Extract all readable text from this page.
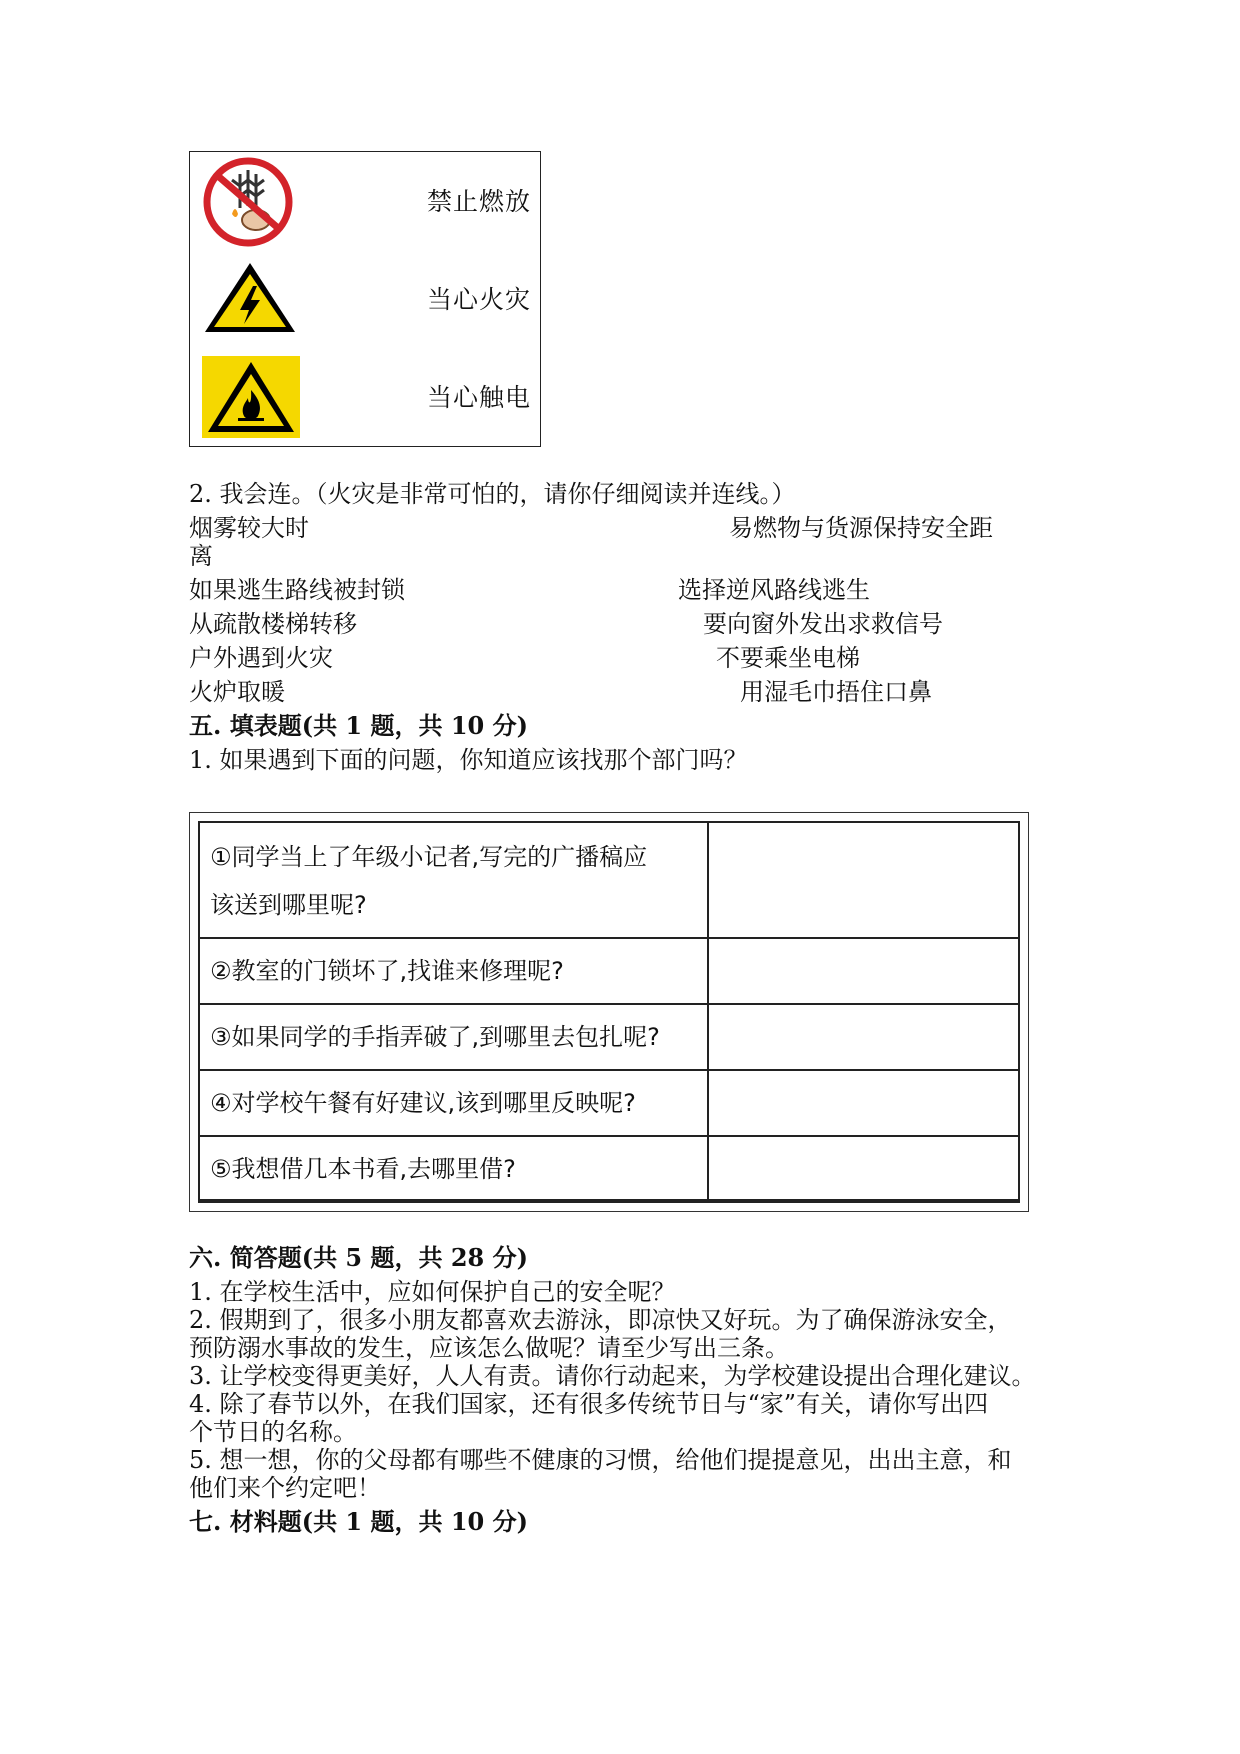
禁止燃放
当心火灾
当心触电
2. 我会连。（火灾是非常可怕的，请你仔细阅读并连线。）
烟雾较大时	易燃物与货源保持安全距
离
如果逃生路线被封锁	选择逆风路线逃生
从疏散楼梯转移	要向窗外发出求救信号
户外遇到火灾	不要乘坐电梯
火炉取暖	用湿毛巾捂住口鼻
五. 填表题(共 1 题，共 10 分)
1. 如果遇到下面的问题，你知道应该找那个部门吗？
①同学当上了年级小记者,写完的广播稿应
该送到哪里呢?
②教室的门锁坏了,找谁来修理呢?
③如果同学的手指弄破了,到哪里去包扎呢?
④对学校午餐有好建议,该到哪里反映呢?
⑤我想借几本书看,去哪里借?
六. 简答题(共 5 题，共 28 分)
1. 在学校生活中，应如何保护自己的安全呢？
2. 假期到了，很多小朋友都喜欢去游泳，即凉快又好玩。为了确保游泳安全，
预防溺水事故的发生，应该怎么做呢？请至少写出三条。
3. 让学校变得更美好，人人有责。请你行动起来，为学校建设提出合理化建议。
4. 除了春节以外，在我们国家，还有很多传统节日与“家”有关，请你写出四
个节日的名称。
5. 想一想，你的父母都有哪些不健康的习惯，给他们提提意见，出出主意，和
他们来个约定吧！
七. 材料题(共 1 题，共 10 分)
